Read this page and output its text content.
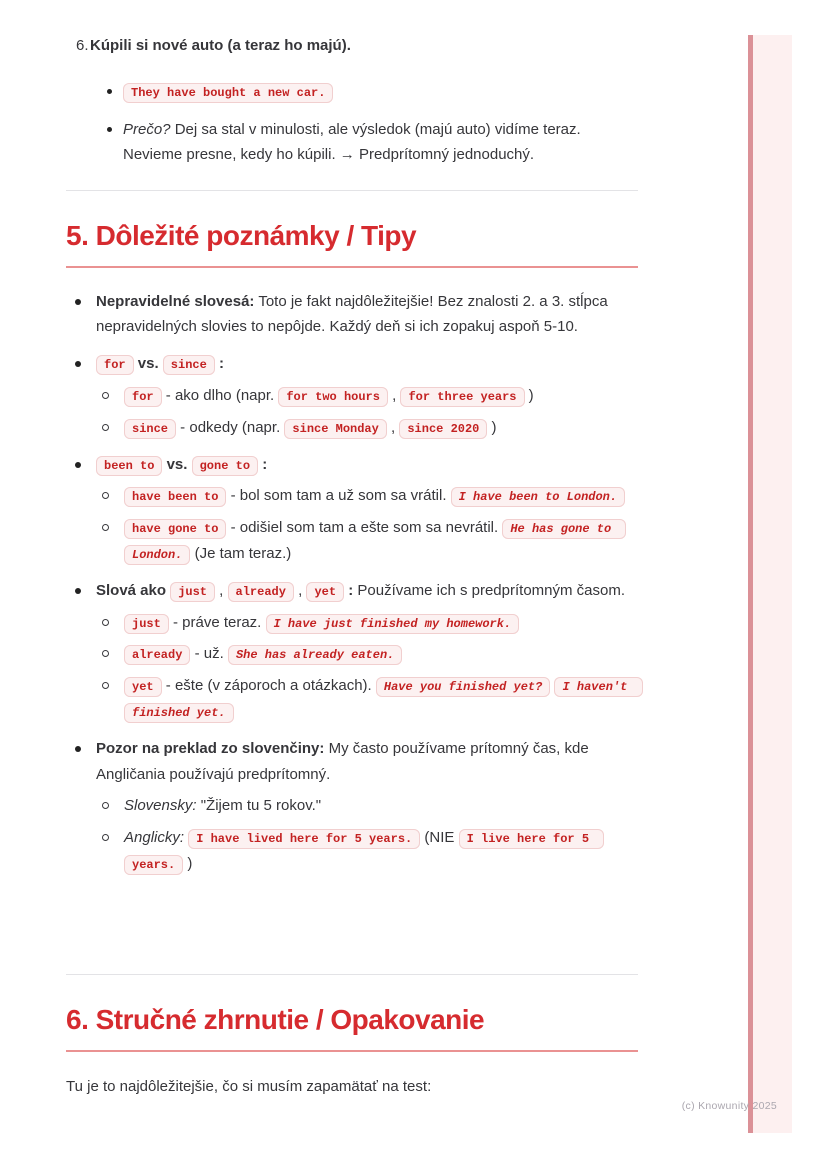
6. Kúpili si nové auto (a teraz ho majú).

They have bought a new car.
Prečo? Dej sa stal v minulosti, ale výsledok (majú auto) vidíme teraz. Nevieme presne, kedy ho kúpili. → Predprítomný jednoduchý.
5. Dôležité poznámky / Tipy
Nepravidelné slovesá: Toto je fakt najdôležitejšie! Bez znalosti 2. a 3. stĺpca nepravidelných slovies to nepôjde. Každý deň si ich zopakuj aspoň 5-10.
for vs. since :
for - ako dlho (napr. for two hours , for three years )
since - odkedy (napr. since Monday , since 2020 )
been to vs. gone to :
have been to - bol som tam a už som sa vrátil. I have been to London.
have gone to - odišiel som tam a ešte som sa nevrátil. He has gone to London. (Je tam teraz.)
Slová ako just , already , yet : Používame ich s predprítomným časom.
just - práve teraz. I have just finished my homework.
already - už. She has already eaten.
yet - ešte (v záporoch a otázkach). Have you finished yet? I haven't finished yet.
Pozor na preklad zo slovenčiny: My často používame prítomný čas, kde Angličania používajú predprítomný.
Slovensky: "Žijem tu 5 rokov."
Anglicky: I have lived here for 5 years. (NIE I live here for 5 years. )
6. Stručné zhrnutie / Opakovanie

Tu je to najdôležitejšie, čo si musím zapamätať na test:

(c) Knowunity 2025
